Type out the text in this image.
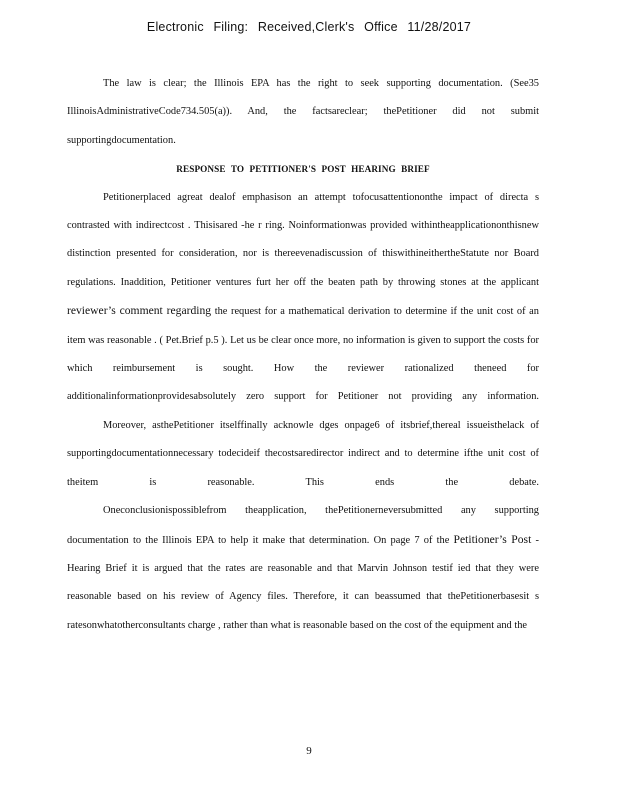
Electronic Filing: Received,Clerk's Office 11/28/2017

The law is clear; the Illinois EPA has the right to seek supporting documentation. (See35 IllinoisAdministrativeCode734.505(a)). And, the factsareclear; thePetitioner did not submit supportingdocumentation.

RESPONSE TO PETITIONER'S POST HEARING BRIEF

Petitionerplaced agreat dealof emphasison an attempt tofocusattentiononthe impact of directa s contrasted with indirectcost . Thisisared -he r ring. Noinformationwas provided withintheapplicationonthisnew distinction presented for consideration, nor is thereevenadiscussion of thiswithineithertheStatute nor Board regulations. Inaddition, Petitioner ventures furt her off the beaten path by throwing stones at the applicant reviewer’s comment regarding the request for a mathematical derivation to determine if the unit cost of an item was reasonable . ( Pet.Brief p.5 ). Let us be clear once more, no information is given to support the costs for which reimbursement is sought. How the reviewer rationalized theneed for additionalinformationprovidesabsolutely zero support for Petitioner not providing any information.

Moreover, asthePetitioner itselffinally acknowle dges onpage6 of itsbrief,thereal issueisthelack of supportingdocumentationnecessary todecideif thecostsaredirector indirect and to determine ifthe unit cost of theitem is reasonable. This ends the debate.

Oneconclusionispossiblefrom theapplication, thePetitionerneversubmitted any supporting documentation to the Illinois EPA to help it make that determination. On page 7 of the Petitioner’s Post -Hearing Brief it is argued that the rates are reasonable and that Marvin Johnson testif ied that they were reasonable based on his review of Agency files. Therefore, it can beassumed that thePetitionerbasesit s ratesonwhatotherconsultants charge , rather than what is reasonable based on the cost of the equipment and the

9
